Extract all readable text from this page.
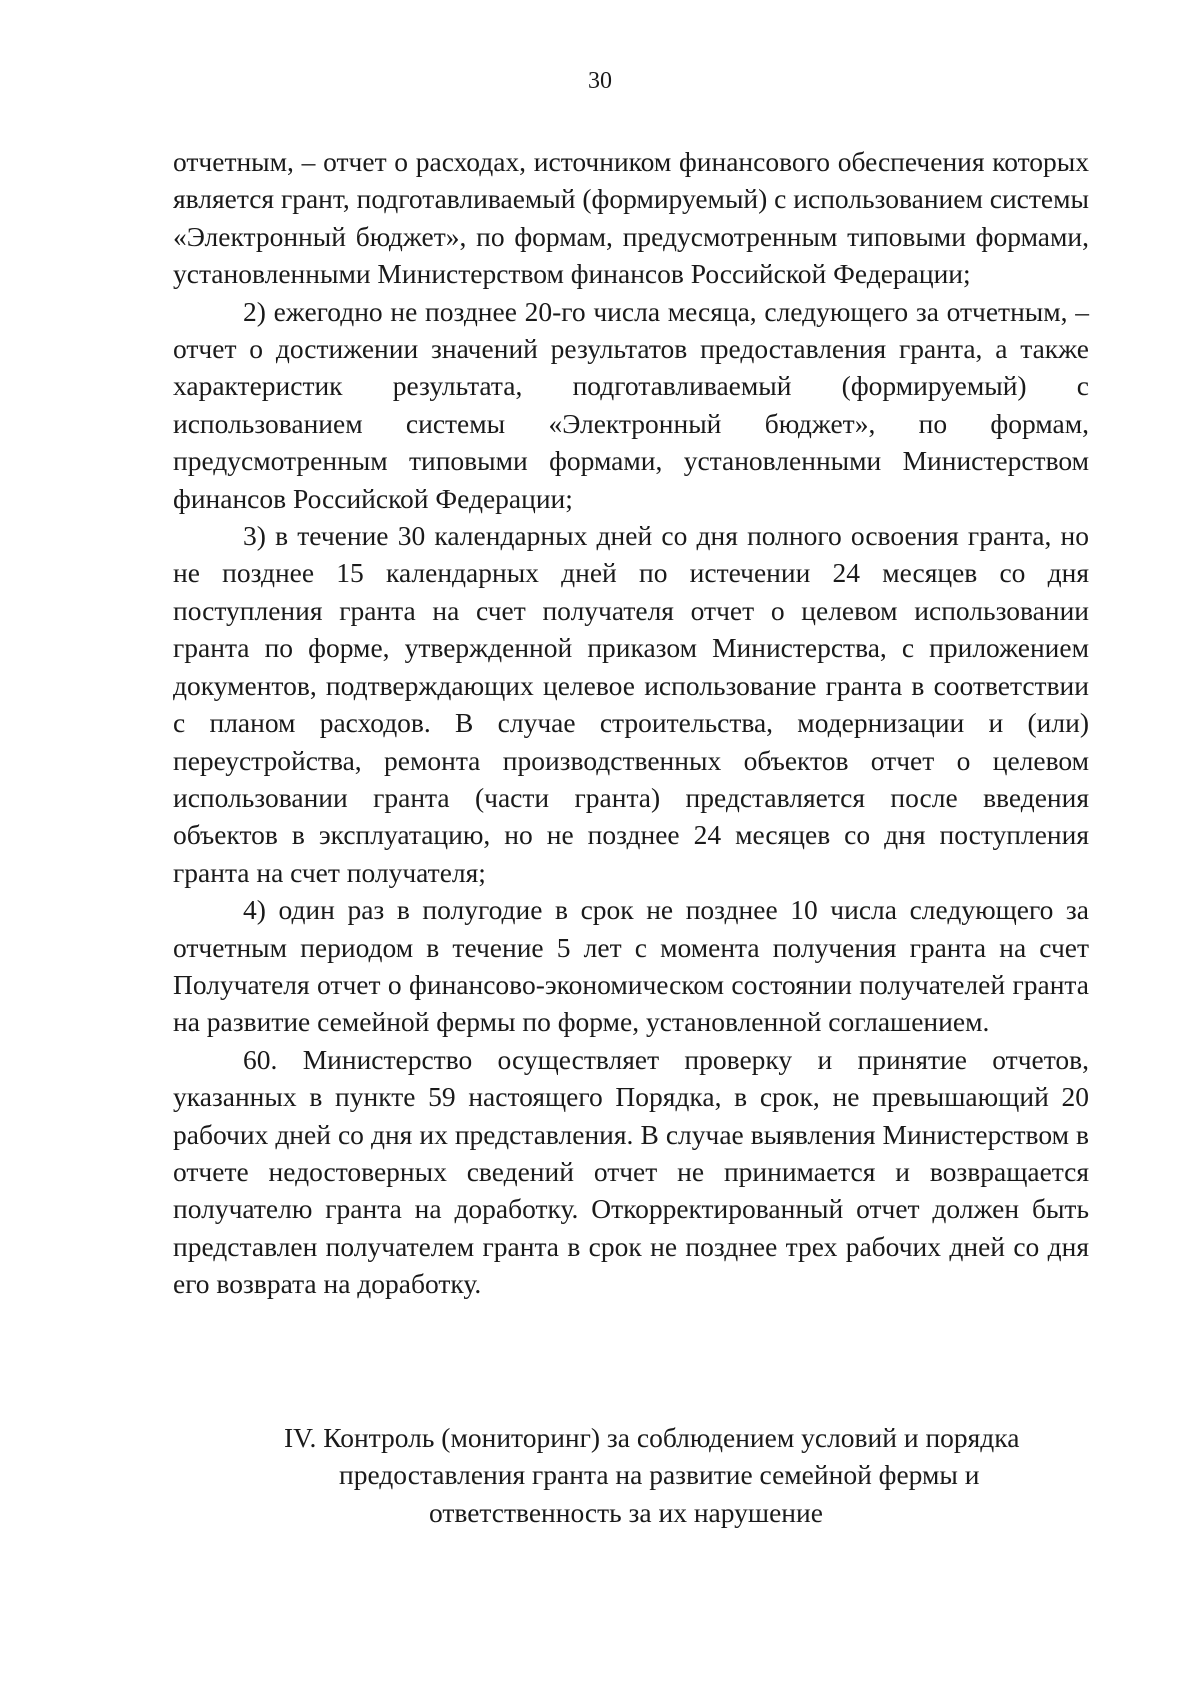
30

отчетным, – отчет о расходах, источником финансового обеспечения которых является грант, подготавливаемый (формируемый) с использованием системы «Электронный бюджет», по формам, предусмотренным типовыми формами, установленными Министерством финансов Российской Федерации;

2) ежегодно не позднее 20-го числа месяца, следующего за отчетным, – отчет о достижении значений результатов предоставления гранта, а также характеристик результата, подготавливаемый (формируемый) с использованием системы «Электронный бюджет», по формам, предусмотренным типовыми формами, установленными Министерством финансов Российской Федерации;

3) в течение 30 календарных дней со дня полного освоения гранта, но не позднее 15 календарных дней по истечении 24 месяцев со дня поступления гранта на счет получателя отчет о целевом использовании гранта по форме, утвержденной приказом Министерства, с приложением документов, подтверждающих целевое использование гранта в соответствии с планом расходов. В случае строительства, модернизации и (или) переустройства, ремонта производственных объектов отчет о целевом использовании гранта (части гранта) представляется после введения объектов в эксплуатацию, но не позднее 24 месяцев со дня поступления гранта на счет получателя;

4) один раз в полугодие в срок не позднее 10 числа следующего за отчетным периодом в течение 5 лет с момента получения гранта на счет Получателя отчет о финансово-экономическом состоянии получателей гранта на развитие семейной фермы по форме, установленной соглашением.

60. Министерство осуществляет проверку и принятие отчетов, указанных в пункте 59 настоящего Порядка, в срок, не превышающий 20 рабочих дней со дня их представления. В случае выявления Министерством в отчете недостоверных сведений отчет не принимается и возвращается получателю гранта на доработку. Откорректированный отчет должен быть представлен получателем гранта в срок не позднее трех рабочих дней со дня его возврата на доработку.

IV. Контроль (мониторинг) за соблюдением условий и порядка
предоставления гранта на развитие семейной фермы и
ответственность за их нарушение
